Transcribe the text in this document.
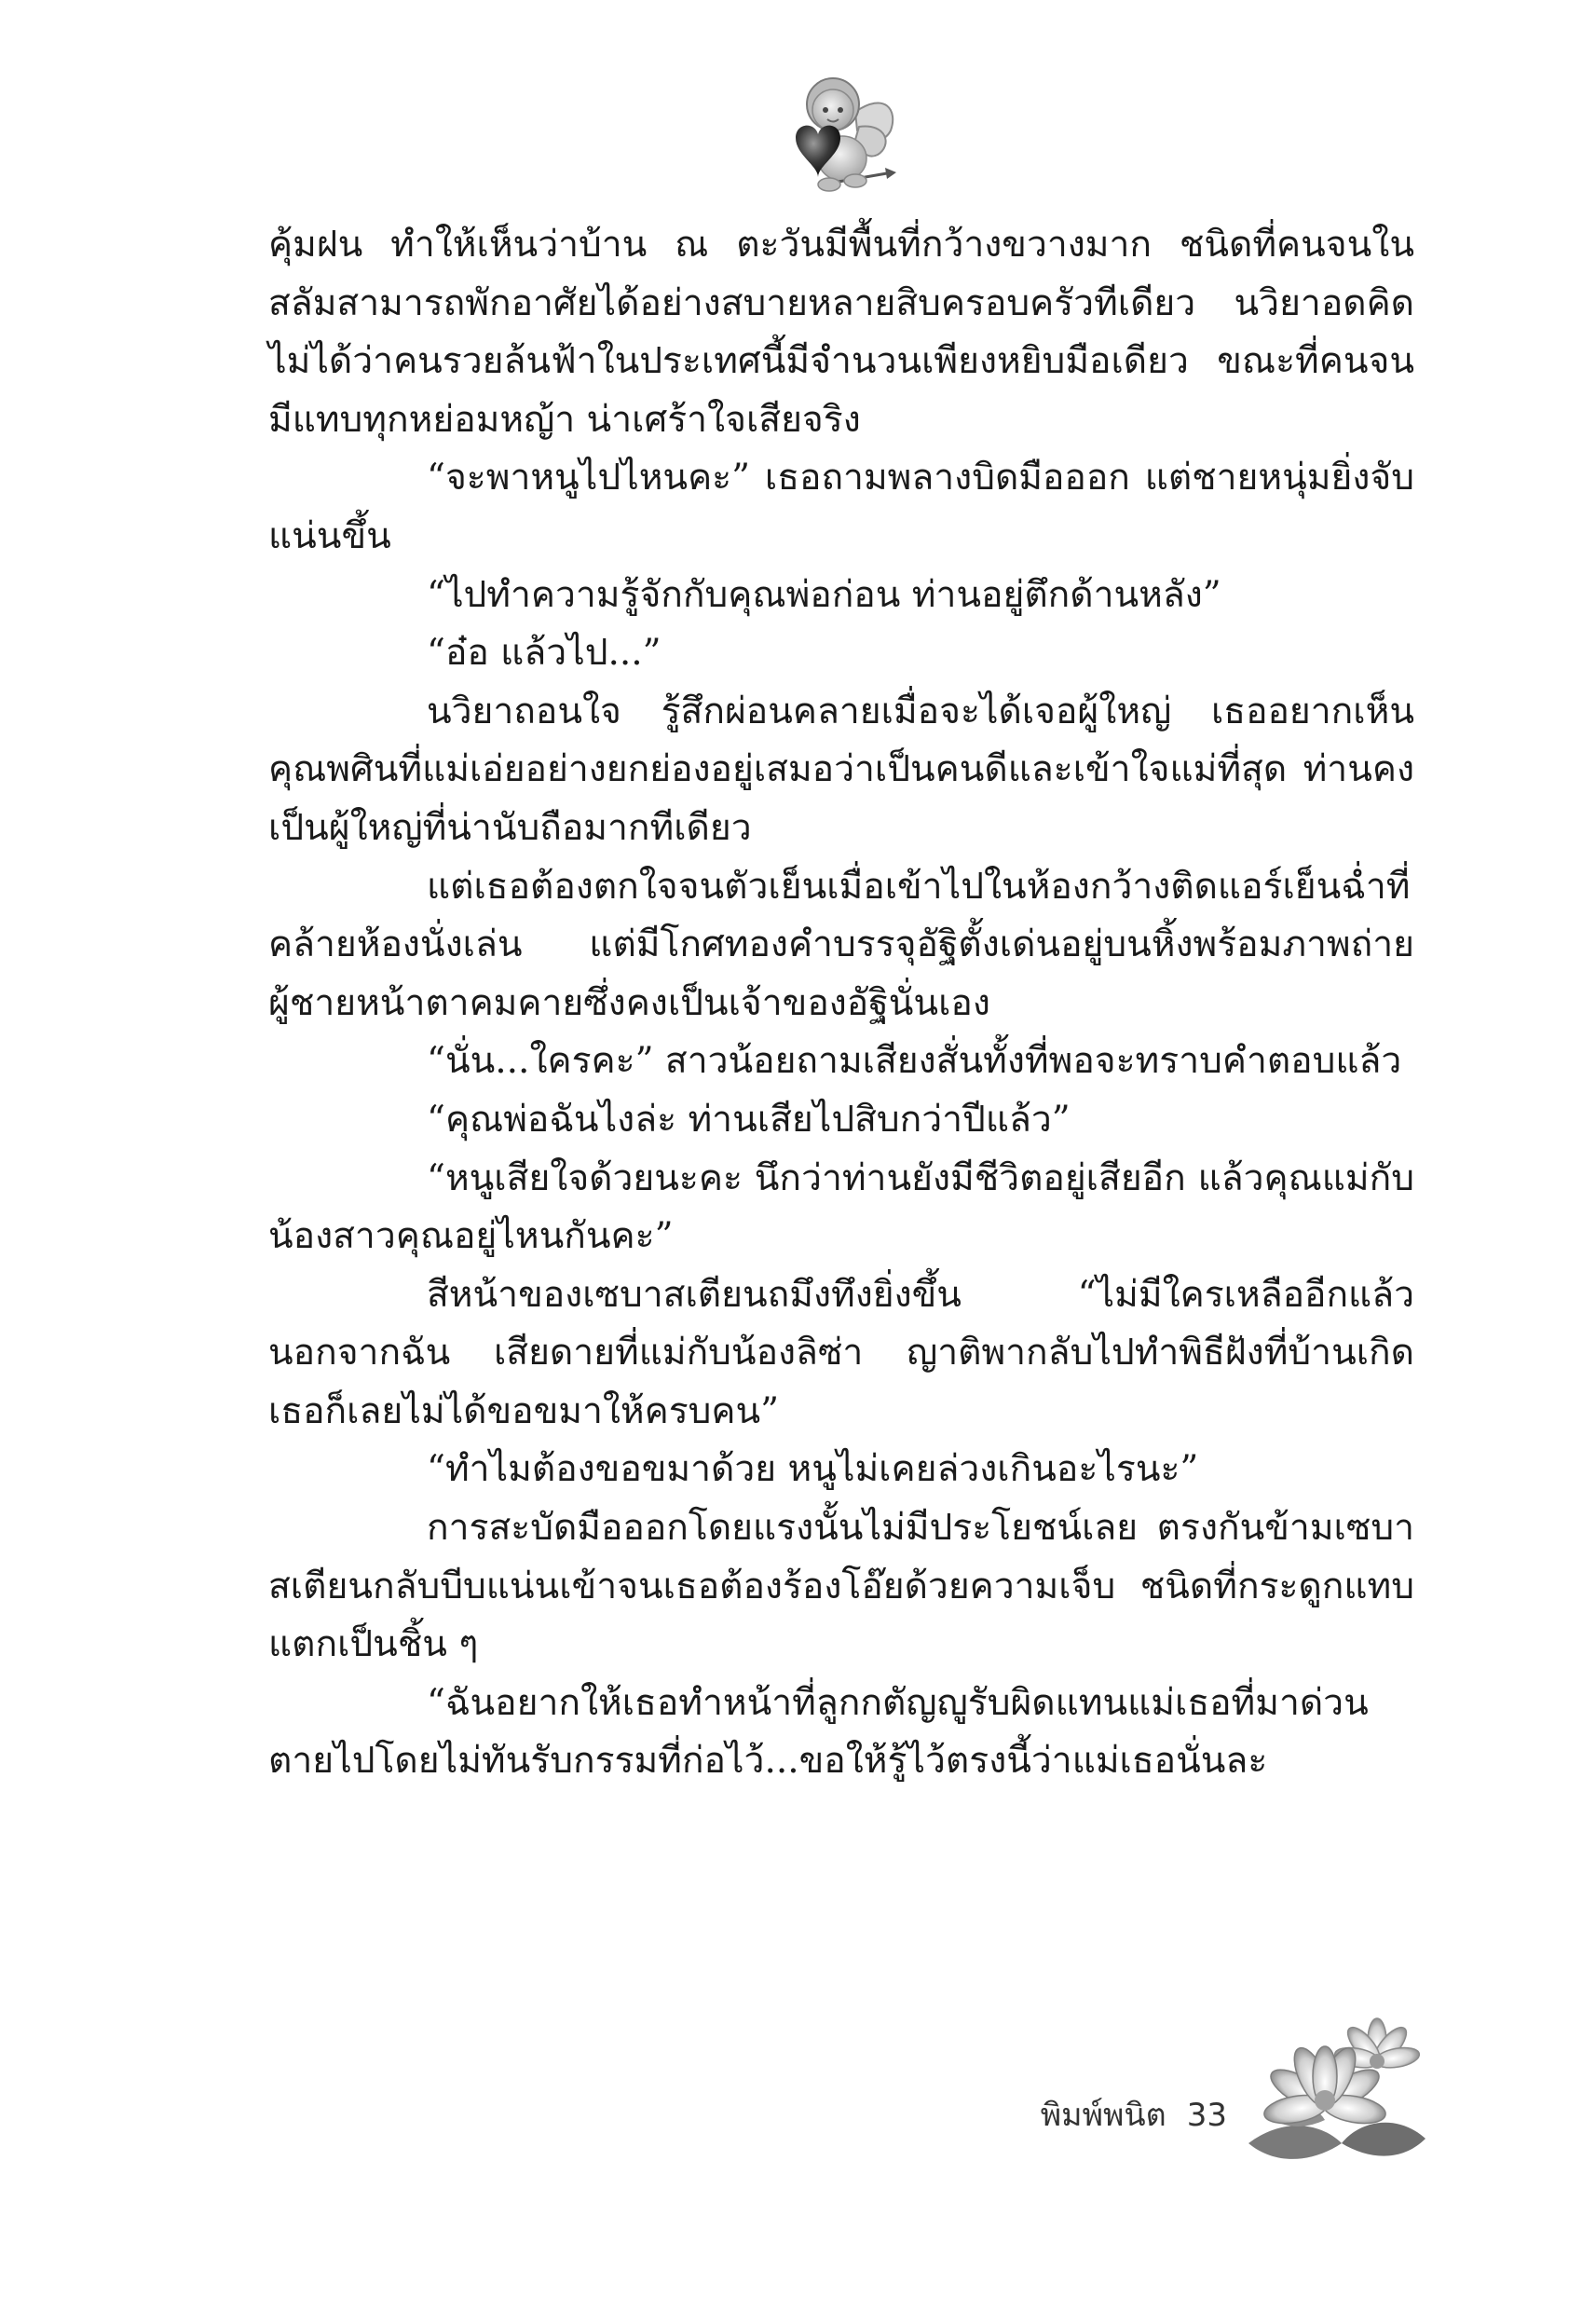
คุ้มฝน ทำให้เห็นว่าบ้าน ณ ตะวันมีพื้นที่กว้างขวางมาก ชนิดที่คนจนในสลัมสามารถพักอาศัยได้อย่างสบายหลายสิบครอบครัวทีเดียว นวิยาอดคิดไม่ได้ว่าคนรวยล้นฟ้าในประเทศนี้มีจำนวนเพียงหยิบมือเดียว ขณะที่คนจนมีแทบทุกหย่อมหญ้า น่าเศร้าใจเสียจริง

“จะพาหนูไปไหนคะ” เธอถามพลางบิดมือออก แต่ชายหนุ่มยิ่งจับแน่นขึ้น

“ไปทำความรู้จักกับคุณพ่อก่อน ท่านอยู่ตึกด้านหลัง”

“อ๋อ แล้วไป...”

นวิยาถอนใจ รู้สึกผ่อนคลายเมื่อจะได้เจอผู้ใหญ่ เธออยากเห็นคุณพศินที่แม่เอ่ยอย่างยกย่องอยู่เสมอว่าเป็นคนดีและเข้าใจแม่ที่สุด ท่านคงเป็นผู้ใหญ่ที่น่านับถือมากทีเดียว

แต่เธอต้องตกใจจนตัวเย็นเมื่อเข้าไปในห้องกว้างติดแอร์เย็นฉ่ำที่คล้ายห้องนั่งเล่น แต่มีโกศทองคำบรรจุอัฐิตั้งเด่นอยู่บนหิ้งพร้อมภาพถ่ายผู้ชายหน้าตาคมคายซึ่งคงเป็นเจ้าของอัฐินั่นเอง

“นั่น...ใครคะ” สาวน้อยถามเสียงสั่นทั้งที่พอจะทราบคำตอบแล้ว

“คุณพ่อฉันไงล่ะ ท่านเสียไปสิบกว่าปีแล้ว”

“หนูเสียใจด้วยนะคะ นึกว่าท่านยังมีชีวิตอยู่เสียอีก แล้วคุณแม่กับน้องสาวคุณอยู่ไหนกันคะ”

สีหน้าของเซบาสเตียนถมึงทึงยิ่งขึ้น “ไม่มีใครเหลืออีกแล้ว นอกจากฉัน เสียดายที่แม่กับน้องลิซ่า ญาติพากลับไปทำพิธีฝังที่บ้านเกิด เธอก็เลยไม่ได้ขอขมาให้ครบคน”

“ทำไมต้องขอขมาด้วย หนูไม่เคยล่วงเกินอะไรนะ”

การสะบัดมือออกโดยแรงนั้นไม่มีประโยชน์เลย ตรงกันข้ามเซบาสเตียนกลับบีบแน่นเข้าจนเธอต้องร้องโอ๊ยด้วยความเจ็บ ชนิดที่กระดูกแทบแตกเป็นชิ้น ๆ

“ฉันอยากให้เธอทำหน้าที่ลูกกตัญญูรับผิดแทนแม่เธอที่มาด่วนตายไปโดยไม่ทันรับกรรมที่ก่อไว้...ขอให้รู้ไว้ตรงนี้ว่าแม่เธอนั่นละ

พิมพ์พนิต 33
